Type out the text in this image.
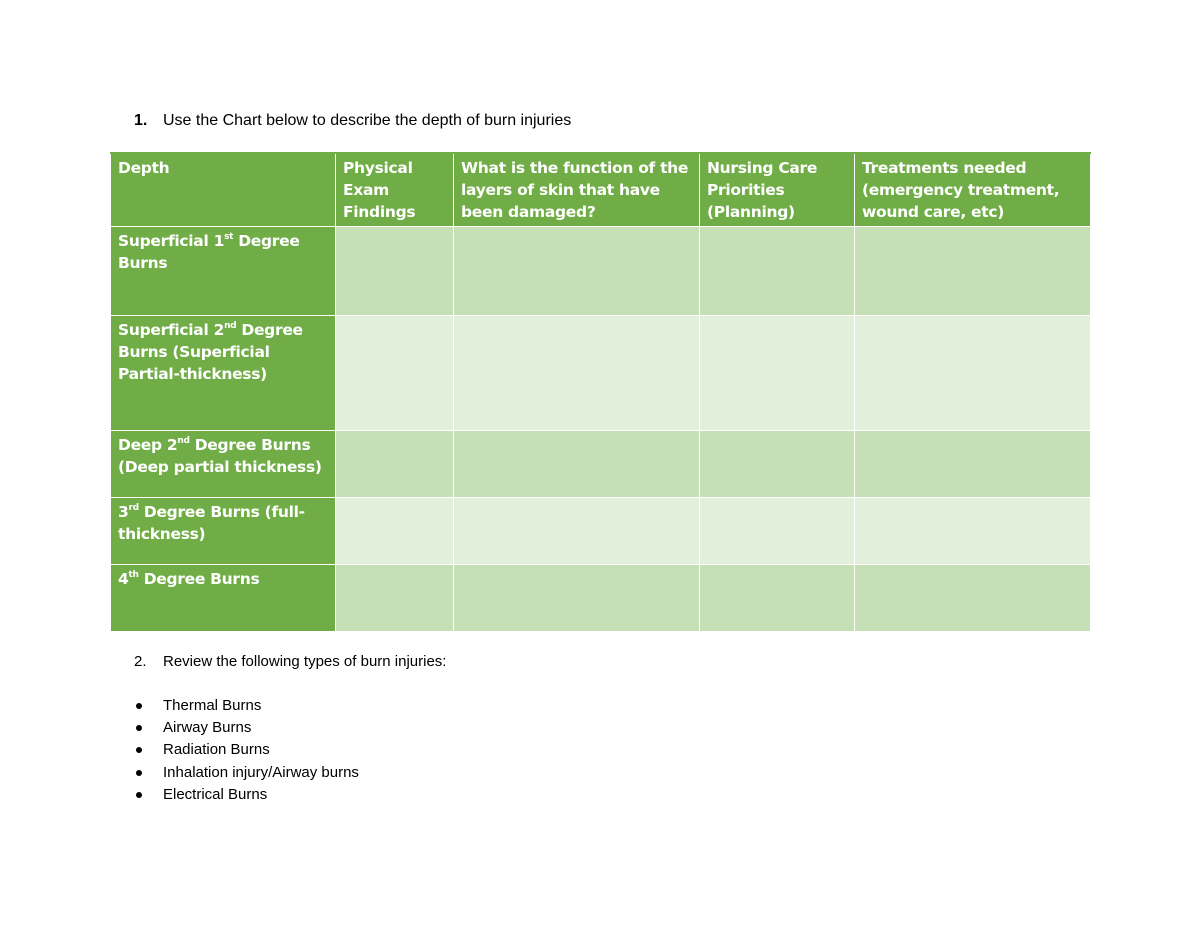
1. Use the Chart below to describe the depth of burn injuries
Depth	Physical Exam Findings	What is the function of the layers of skin that have been damaged?	Nursing Care Priorities (Planning)	Treatments needed (emergency treatment, wound care, etc)
Superficial 1st Degree Burns				
Superficial 2nd Degree Burns (Superficial Partial-thickness)				
Deep 2nd Degree Burns (Deep partial thickness)				
3rd Degree Burns (full-thickness)				
4th Degree Burns				
2. Review the following types of burn injuries:
Thermal Burns
Airway Burns
Radiation Burns
Inhalation injury/Airway burns
Electrical Burns
